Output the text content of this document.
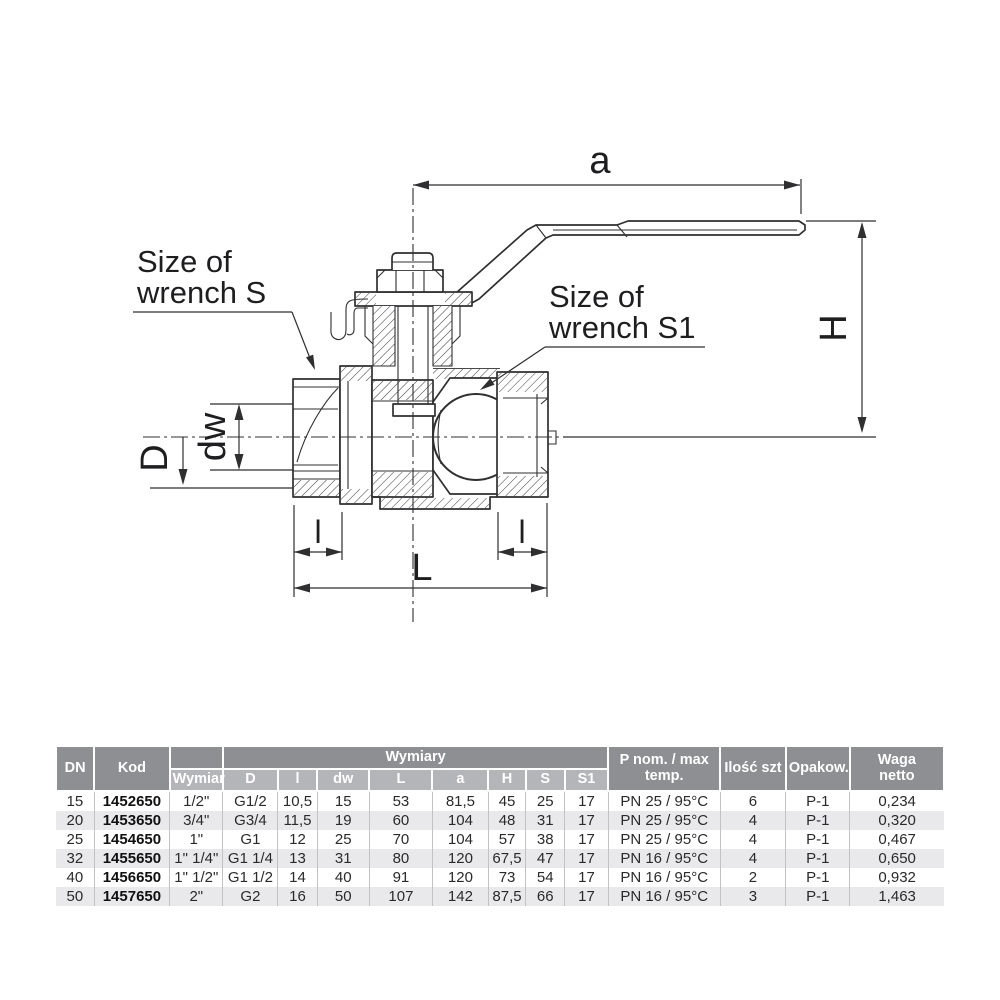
a
H
D dw
l	l
L
Size of
wrench S	Size of
wrench S1
DN	Kod		Wymiary								P nom. / max temp.	Ilość szt	Opakow.	Waga netto
		Wymiar	D	l	dw	L	a	H	S	S1				
15	1452650	1/2"	G1/2	10,5	15	53	81,5	45	25	17	PN 25 / 95°C	6	P-1	0,234
20	1453650	3/4"	G3/4	11,5	19	60	104	48	31	17	PN 25 / 95°C	4	P-1	0,320
25	1454650	1"	G1	12	25	70	104	57	38	17	PN 25 / 95°C	4	P-1	0,467
32	1455650	1" 1/4"	G1 1/4	13	31	80	120	67,5	47	17	PN 16 / 95°C	4	P-1	0,650
40	1456650	1" 1/2"	G1 1/2	14	40	91	120	73	54	17	PN 16 / 95°C	2	P-1	0,932
50	1457650	2"	G2	16	50	107	142	87,5	66	17	PN 16 / 95°C	3	P-1	1,463
